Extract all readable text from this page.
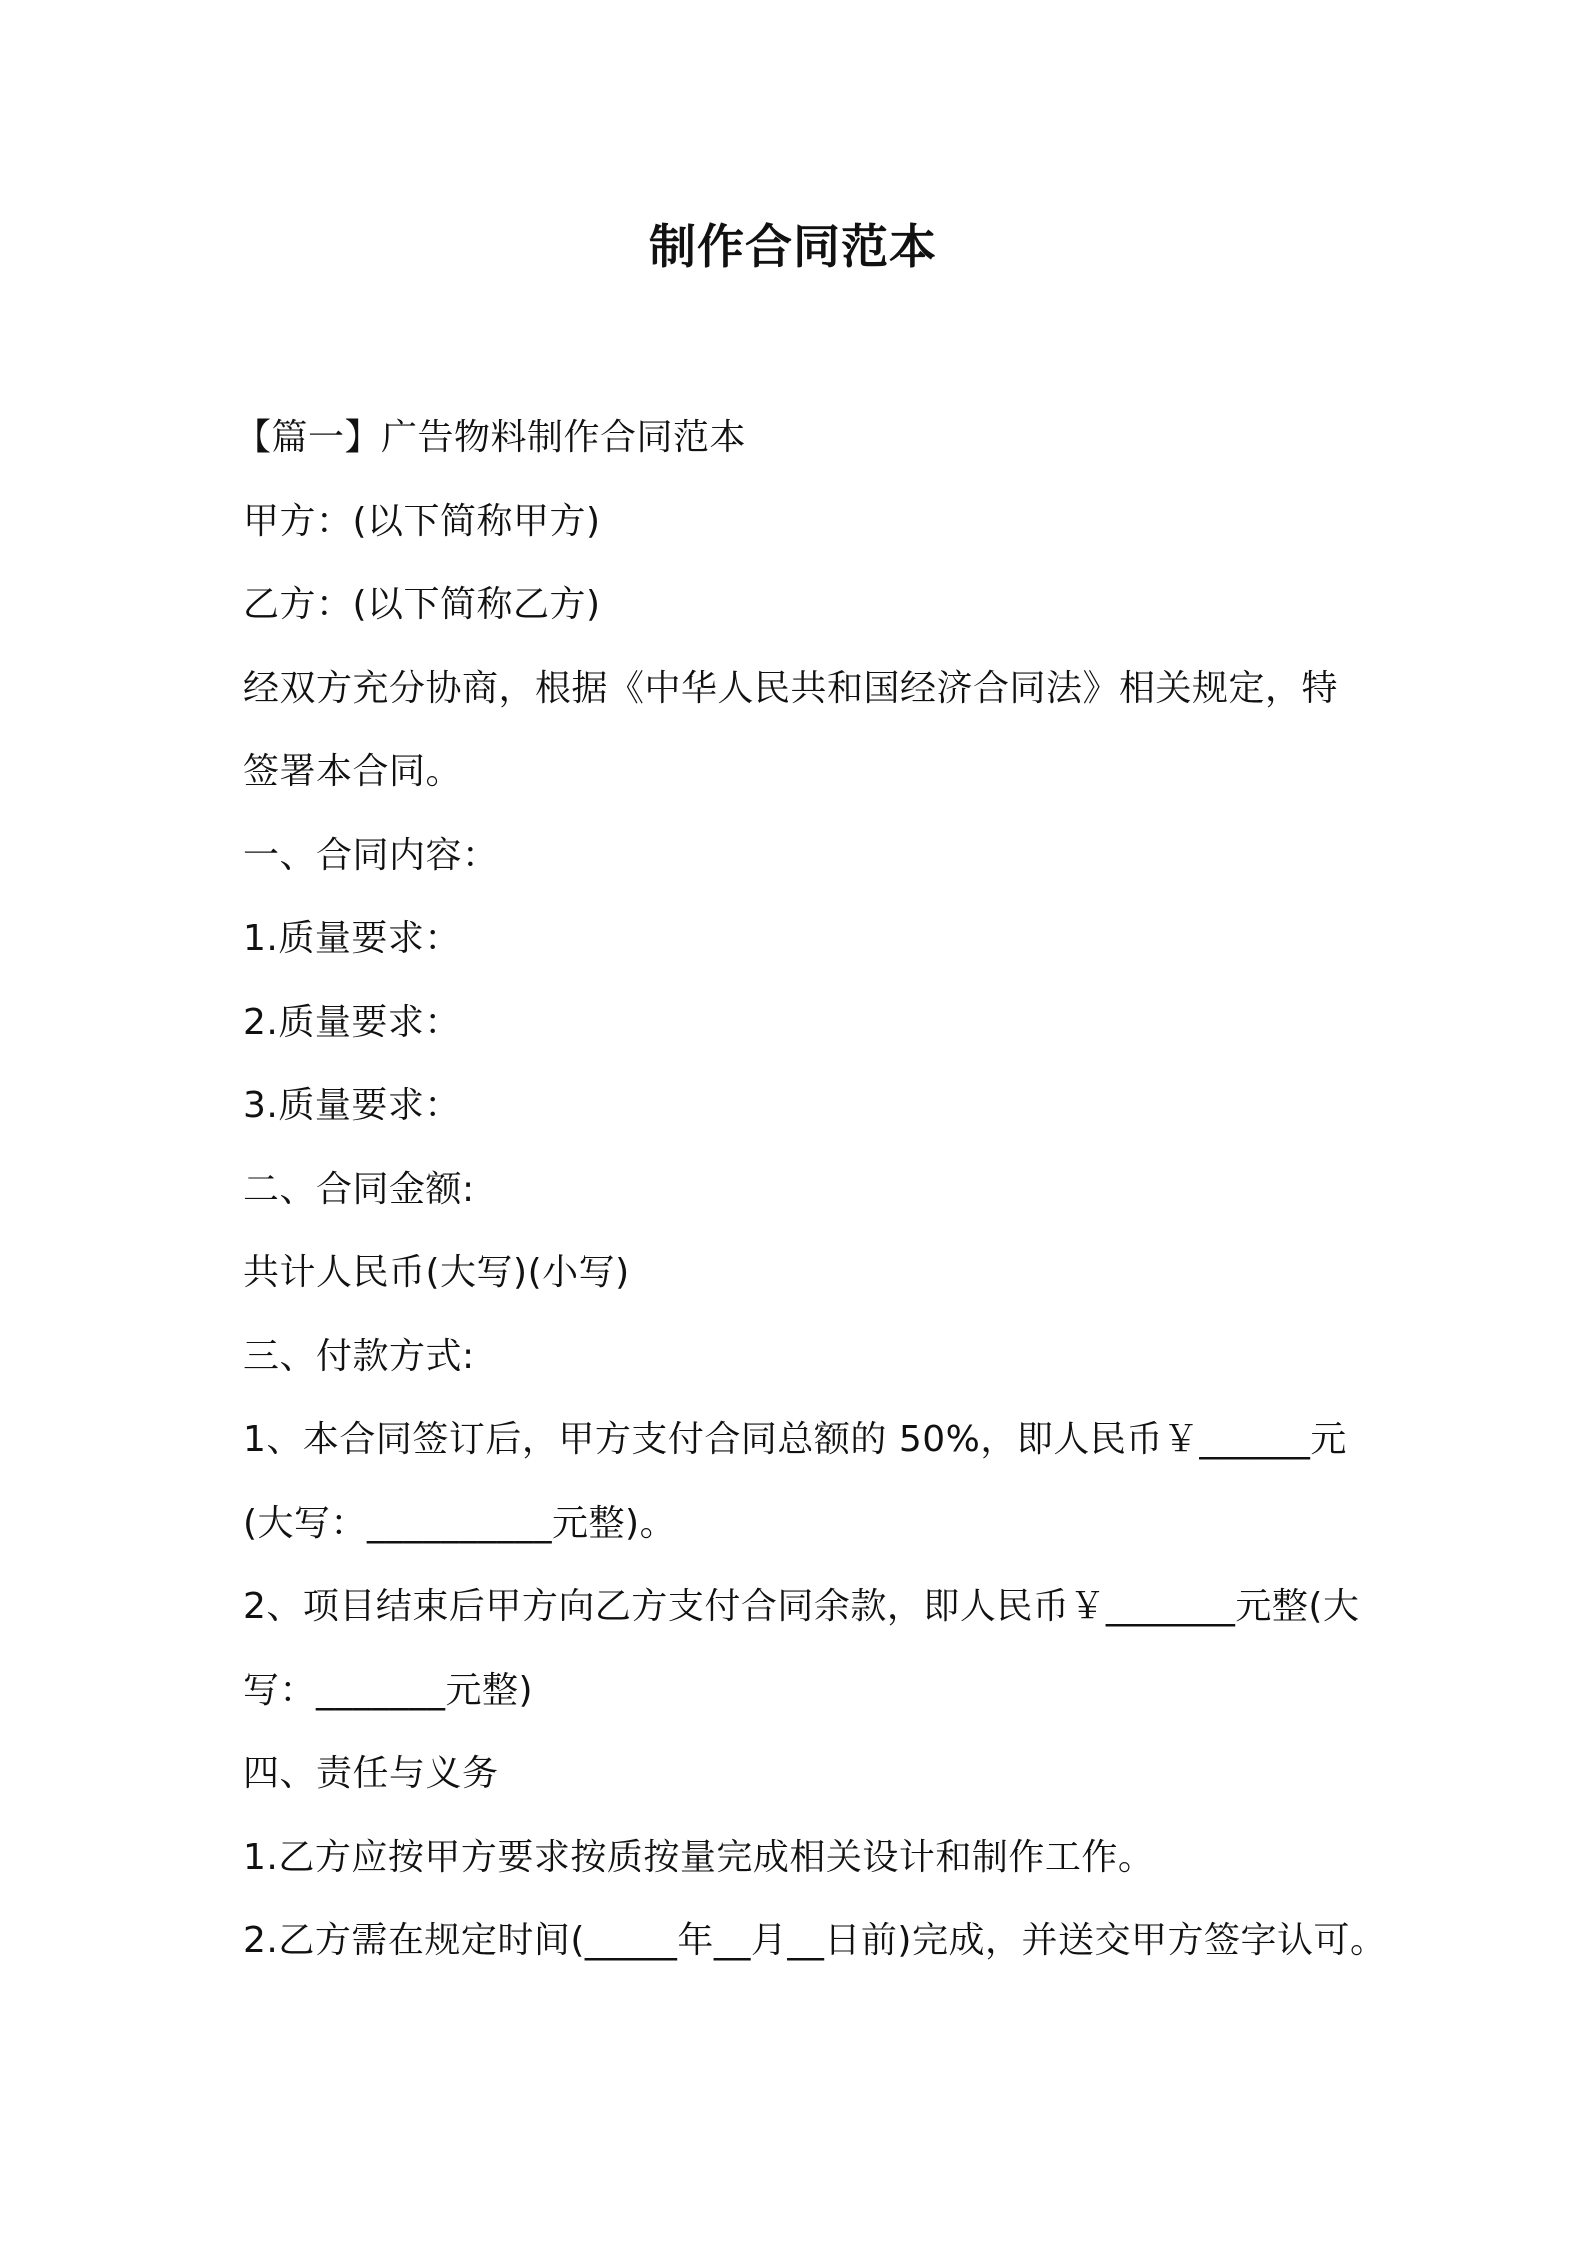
制作合同范本
【篇一】广告物料制作合同范本
甲方：(以下简称甲方)
乙方：(以下简称乙方)
经双方充分协商，根据《中华人民共和国经济合同法》相关规定，特
签署本合同。
一、合同内容：
1.质量要求：
2.质量要求：
3.质量要求：
二、合同金额:
共计人民币(大写)(小写)
三、付款方式:
1、本合同签订后，甲方支付合同总额的 50%，即人民币￥______元
(大写：__________元整)。
2、项目结束后甲方向乙方支付合同余款，即人民币￥_______元整(大
写：_______元整)
四、责任与义务
1.乙方应按甲方要求按质按量完成相关设计和制作工作。
2.乙方需在规定时间(_____年__月__日前)完成，并送交甲方签字认可。
